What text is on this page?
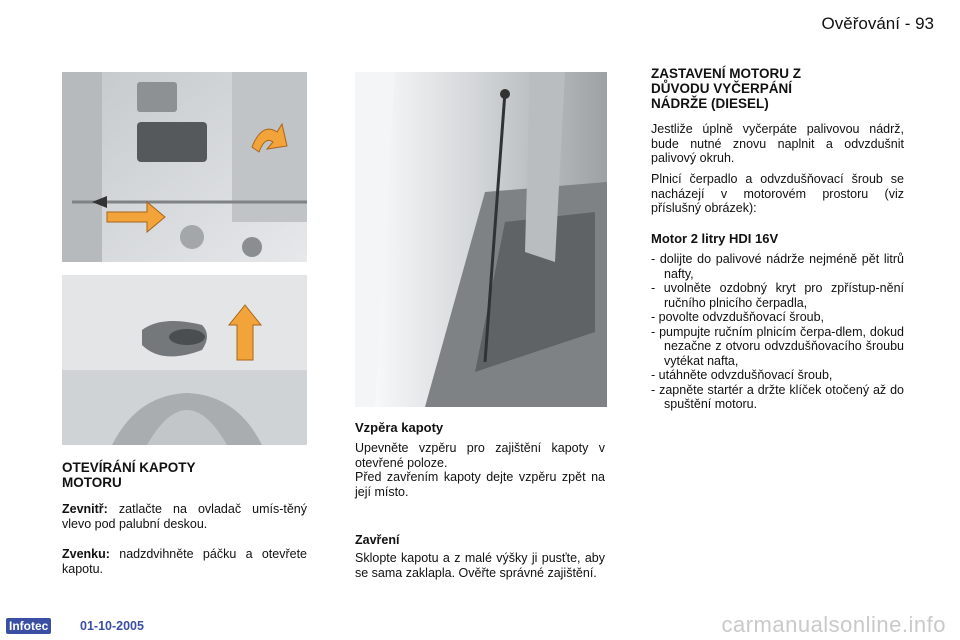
Ověřování - 93
OTEVÍRÁNÍ KAPOTY
MOTORU
Zevnitř: zatlačte na ovladač umís-těný vlevo pod palubní deskou.
Zvenku: nadzdvihněte páčku a otevřete kapotu.
Vzpěra kapoty
Upevněte vzpěru pro zajištění kapoty v otevřené poloze.
Před zavřením kapoty dejte vzpěru zpět na její místo.
Zavření
Sklopte kapotu a z malé výšky ji pusťte, aby se sama zaklapla. Ověřte správné zajištění.
ZASTAVENÍ MOTORU Z
DŮVODU VYČERPÁNÍ
NÁDRŽE (DIESEL)
Jestliže úplně vyčerpáte palivovou nádrž, bude nutné znovu naplnit a odvzdušnit palivový okruh.
Plnicí čerpadlo a odvzdušňovací šroub se nacházejí v motorovém prostoru (viz příslušný obrázek):
Motor 2 litry HDI 16V
- dolijte do palivové nádrže nejméně pět litrů nafty,
- uvolněte ozdobný kryt pro zpřístup-nění ručního plnicího čerpadla,
- povolte odvzdušňovací šroub,
- pumpujte ručním plnicím čerpa-dlem, dokud nezačne z otvoru odvzdušňovacího šroubu vytékat nafta,
- utáhněte odvzdušňovací šroub,
- zapněte startér a držte klíček otočený až do spuštění motoru.
Infotec	01-10-2005	carmanualsonline.info
